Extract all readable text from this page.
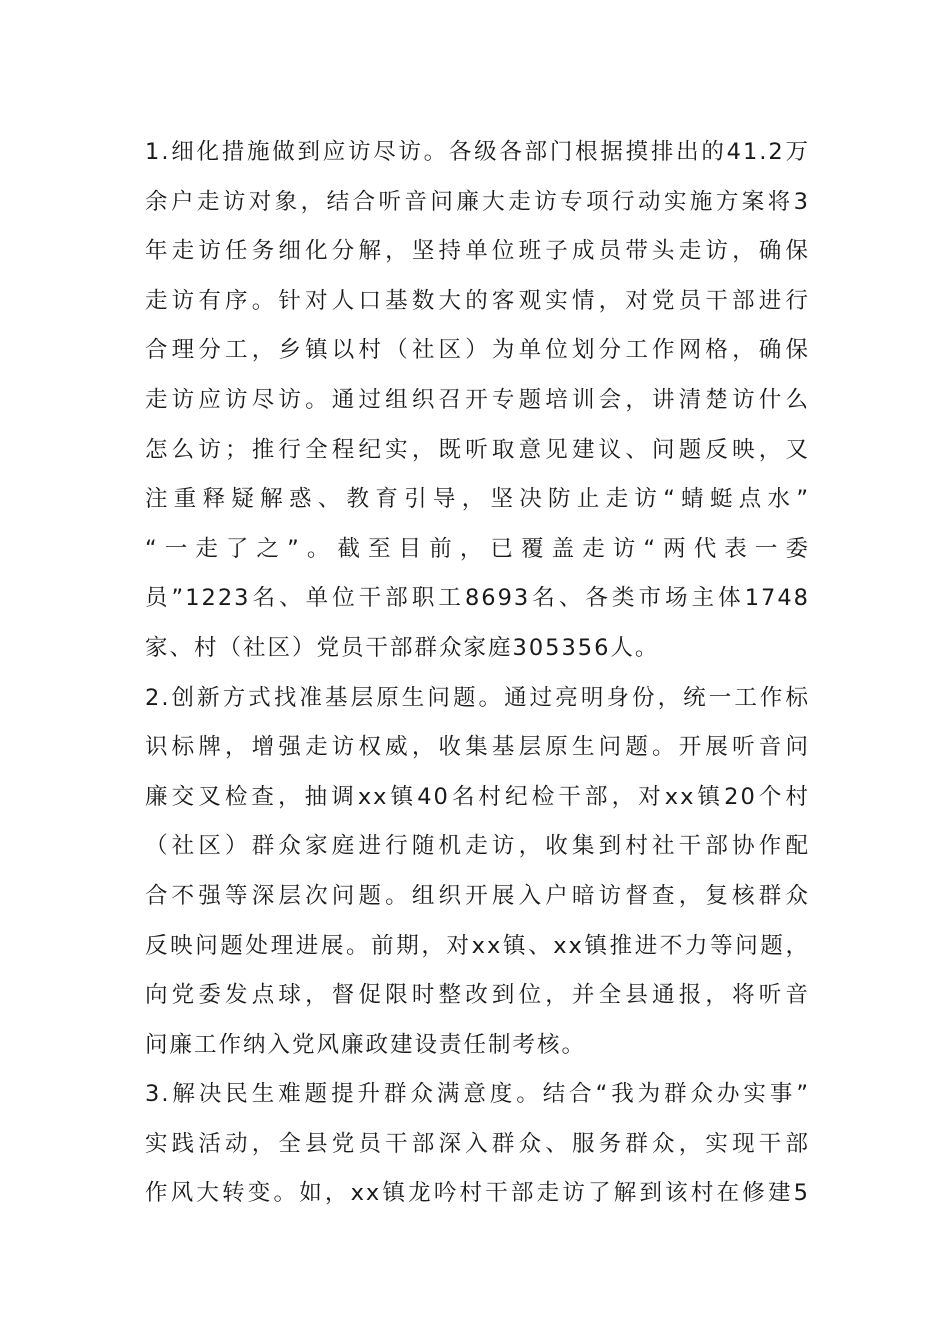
1.细化措施做到应访尽访。各级各部门根据摸排出的41.2万
余户走访对象，结合听音问廉大走访专项行动实施方案将3
年走访任务细化分解，坚持单位班子成员带头走访，确保
走访有序。针对人口基数大的客观实情，对党员干部进行
合理分工，乡镇以村（社区）为单位划分工作网格，确保
走访应访尽访。通过组织召开专题培训会，讲清楚访什么
怎么访；推行全程纪实，既听取意见建议、问题反映，又
注重释疑解惑、教育引导，坚决防止走访“蜻蜓点水”
“一走了之”。截至目前，已覆盖走访“两代表一委
员”1223名、单位干部职工8693名、各类市场主体1748
家、村（社区）党员干部群众家庭305356人。
2.创新方式找准基层原生问题。通过亮明身份，统一工作标
识标牌，增强走访权威，收集基层原生问题。开展听音问
廉交叉检查，抽调xx镇40名村纪检干部，对xx镇20个村
（社区）群众家庭进行随机走访，收集到村社干部协作配
合不强等深层次问题。组织开展入户暗访督查，复核群众
反映问题处理进展。前期，对xx镇、xx镇推进不力等问题，
向党委发点球，督促限时整改到位，并全县通报，将听音
问廉工作纳入党风廉政建设责任制考核。
3.解决民生难题提升群众满意度。结合“我为群众办实事”
实践活动，全县党员干部深入群众、服务群众，实现干部
作风大转变。如，xx镇龙吟村干部走访了解到该村在修建5
